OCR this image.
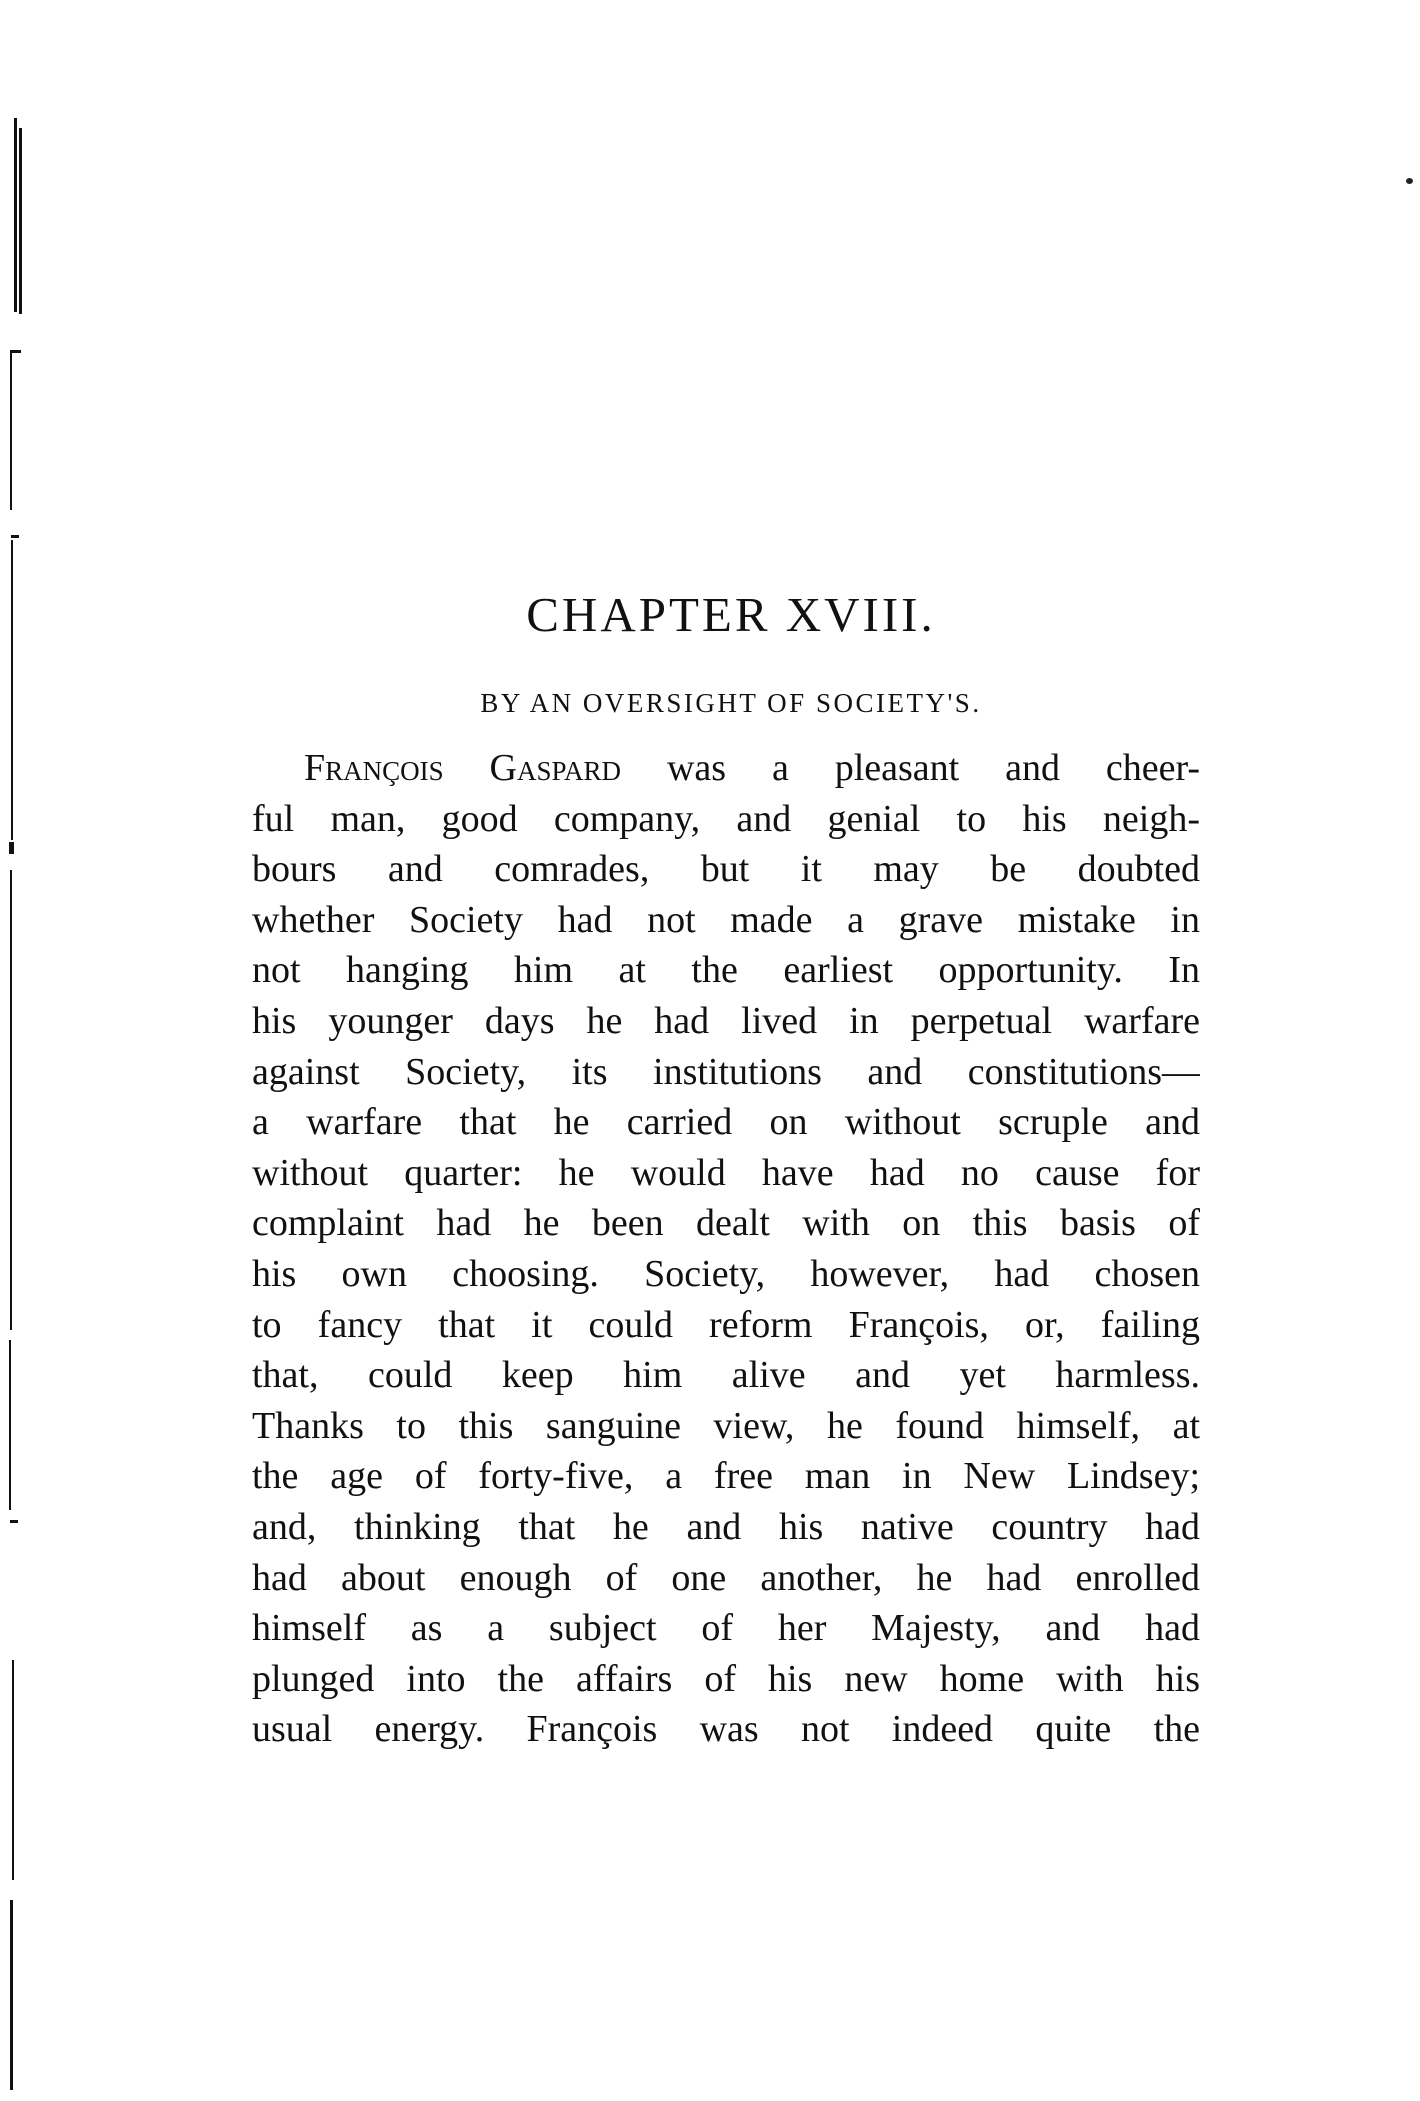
CHAPTER XVIII.
BY AN OVERSIGHT OF SOCIETY'S.
François Gaspard was a pleasant and cheer-
ful man, good company, and genial to his neigh-
bours and comrades, but it may be doubted
whether Society had not made a grave mistake in
not hanging him at the earliest opportunity. In
his younger days he had lived in perpetual warfare
against Society, its institutions and constitutions—
a warfare that he carried on without scruple and
without quarter: he would have had no cause for
complaint had he been dealt with on this basis of
his own choosing. Society, however, had chosen
to fancy that it could reform François, or, failing
that, could keep him alive and yet harmless.
Thanks to this sanguine view, he found himself, at
the age of forty-five, a free man in New Lindsey;
and, thinking that he and his native country had
had about enough of one another, he had enrolled
himself as a subject of her Majesty, and had
plunged into the affairs of his new home with his
usual energy. François was not indeed quite the
